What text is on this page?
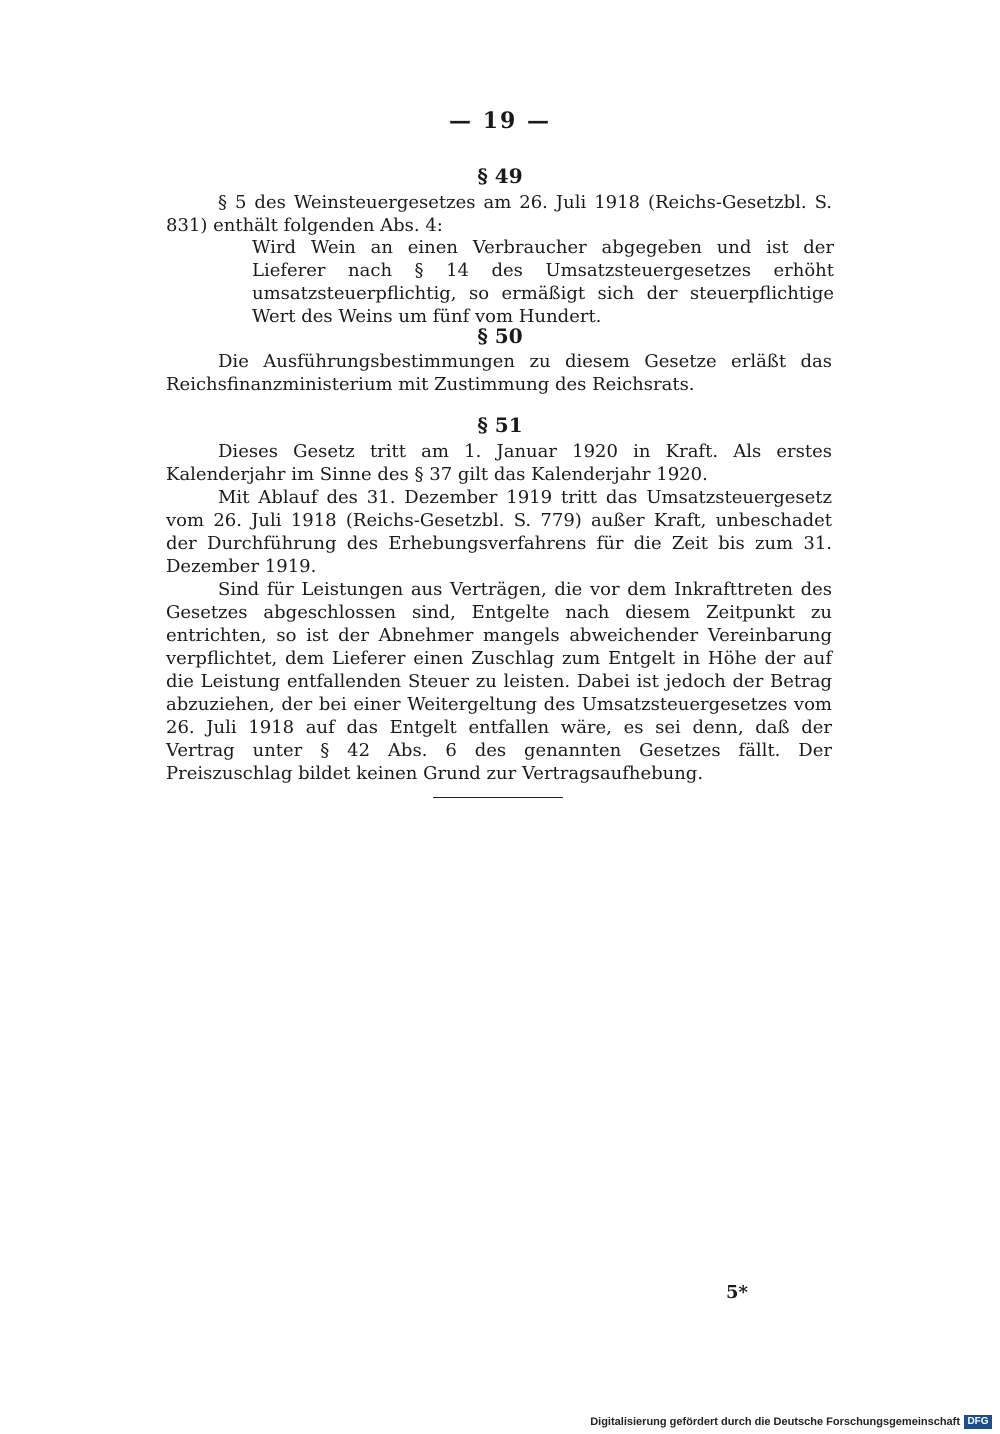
— 19 —
§ 49

§ 5 des Weinsteuergesetzes am 26. Juli 1918 (Reichs-Gesetzbl. S. 831) enthält folgenden Abs. 4:

Wird Wein an einen Verbraucher abgegeben und ist der Lieferer nach § 14 des Umsatzsteuergesetzes erhöht umsatzsteuerpflichtig, so ermäßigt sich der steuerpflichtige Wert des Weins um fünf vom Hundert.

§ 50

Die Ausführungsbestimmungen zu diesem Gesetze erläßt das Reichsfinanzministerium mit Zustimmung des Reichsrats.

§ 51

Dieses Gesetz tritt am 1. Januar 1920 in Kraft. Als erstes Kalenderjahr im Sinne des § 37 gilt das Kalenderjahr 1920.

Mit Ablauf des 31. Dezember 1919 tritt das Umsatzsteuergesetz vom 26. Juli 1918 (Reichs-Gesetzbl. S. 779) außer Kraft, unbeschadet der Durchführung des Erhebungsverfahrens für die Zeit bis zum 31. Dezember 1919.

Sind für Leistungen aus Verträgen, die vor dem Inkrafttreten des Gesetzes abgeschlossen sind, Entgelte nach diesem Zeitpunkt zu entrichten, so ist der Abnehmer mangels abweichender Vereinbarung verpflichtet, dem Lieferer einen Zuschlag zum Entgelt in Höhe der auf die Leistung entfallenden Steuer zu leisten. Dabei ist jedoch der Betrag abzuziehen, der bei einer Weitergeltung des Umsatzsteuergesetzes vom 26. Juli 1918 auf das Entgelt entfallen wäre, es sei denn, daß der Vertrag unter § 42 Abs. 6 des genannten Gesetzes fällt. Der Preiszuschlag bildet keinen Grund zur Vertragsaufhebung.

5*
Digitalisierung gefördert durch die Deutsche Forschungsgemeinschaft DFG
